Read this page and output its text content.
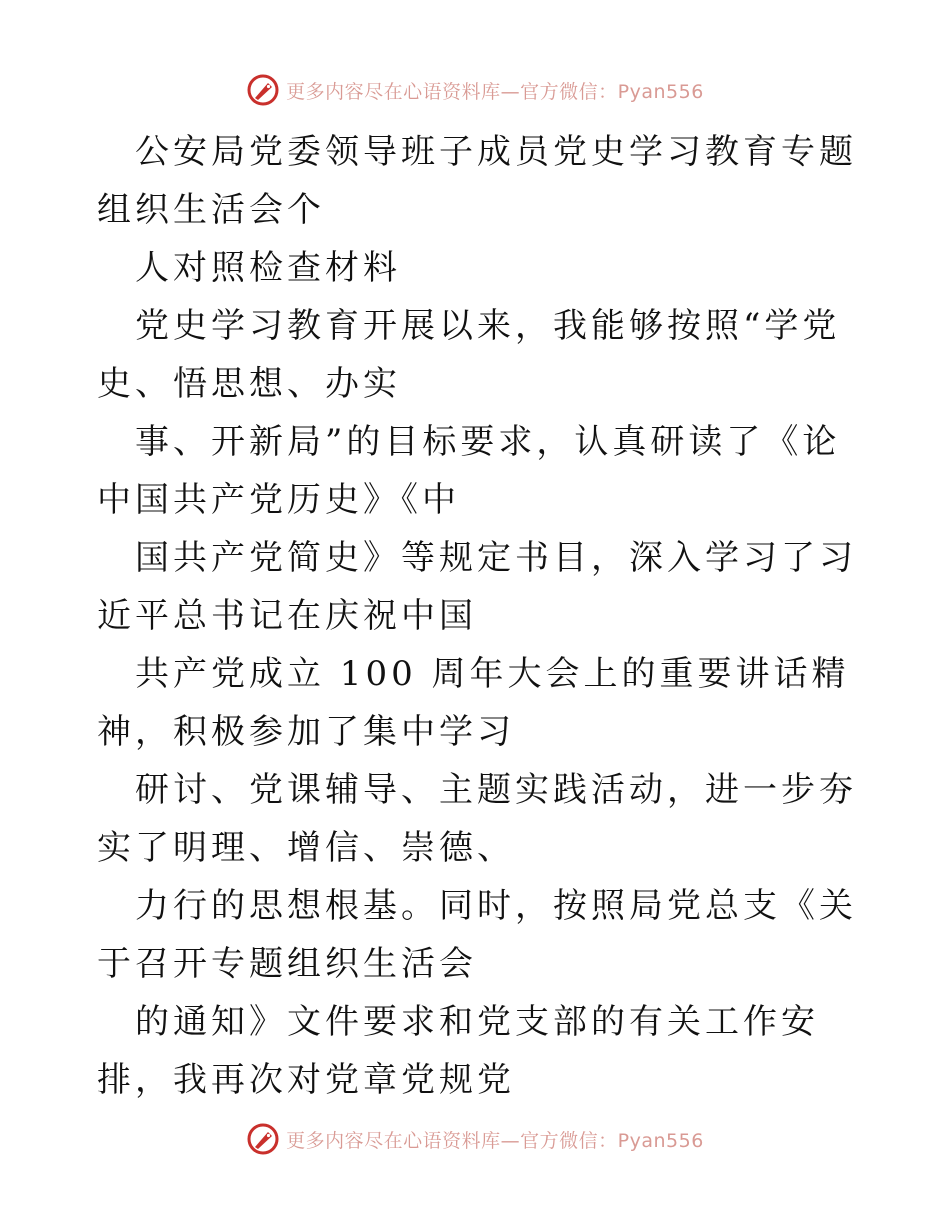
更多内容尽在心语资料库—官方微信：Pyan556

公安局党委领导班子成员党史学习教育专题组织生活会个

人对照检查材料

党史学习教育开展以来，我能够按照“学党史、悟思想、办实

事、开新局”的目标要求，认真研读了《论中国共产党历史》《中

国共产党简史》等规定书目，深入学习了习近平总书记在庆祝中国

共产党成立 100 周年大会上的重要讲话精神，积极参加了集中学习

研讨、党课辅导、主题实践活动，进一步夯实了明理、增信、崇德、

力行的思想根基。同时，按照局党总支《关于召开专题组织生活会

的通知》文件要求和党支部的有关工作安排，我再次对党章党规党

更多内容尽在心语资料库—官方微信：Pyan556
